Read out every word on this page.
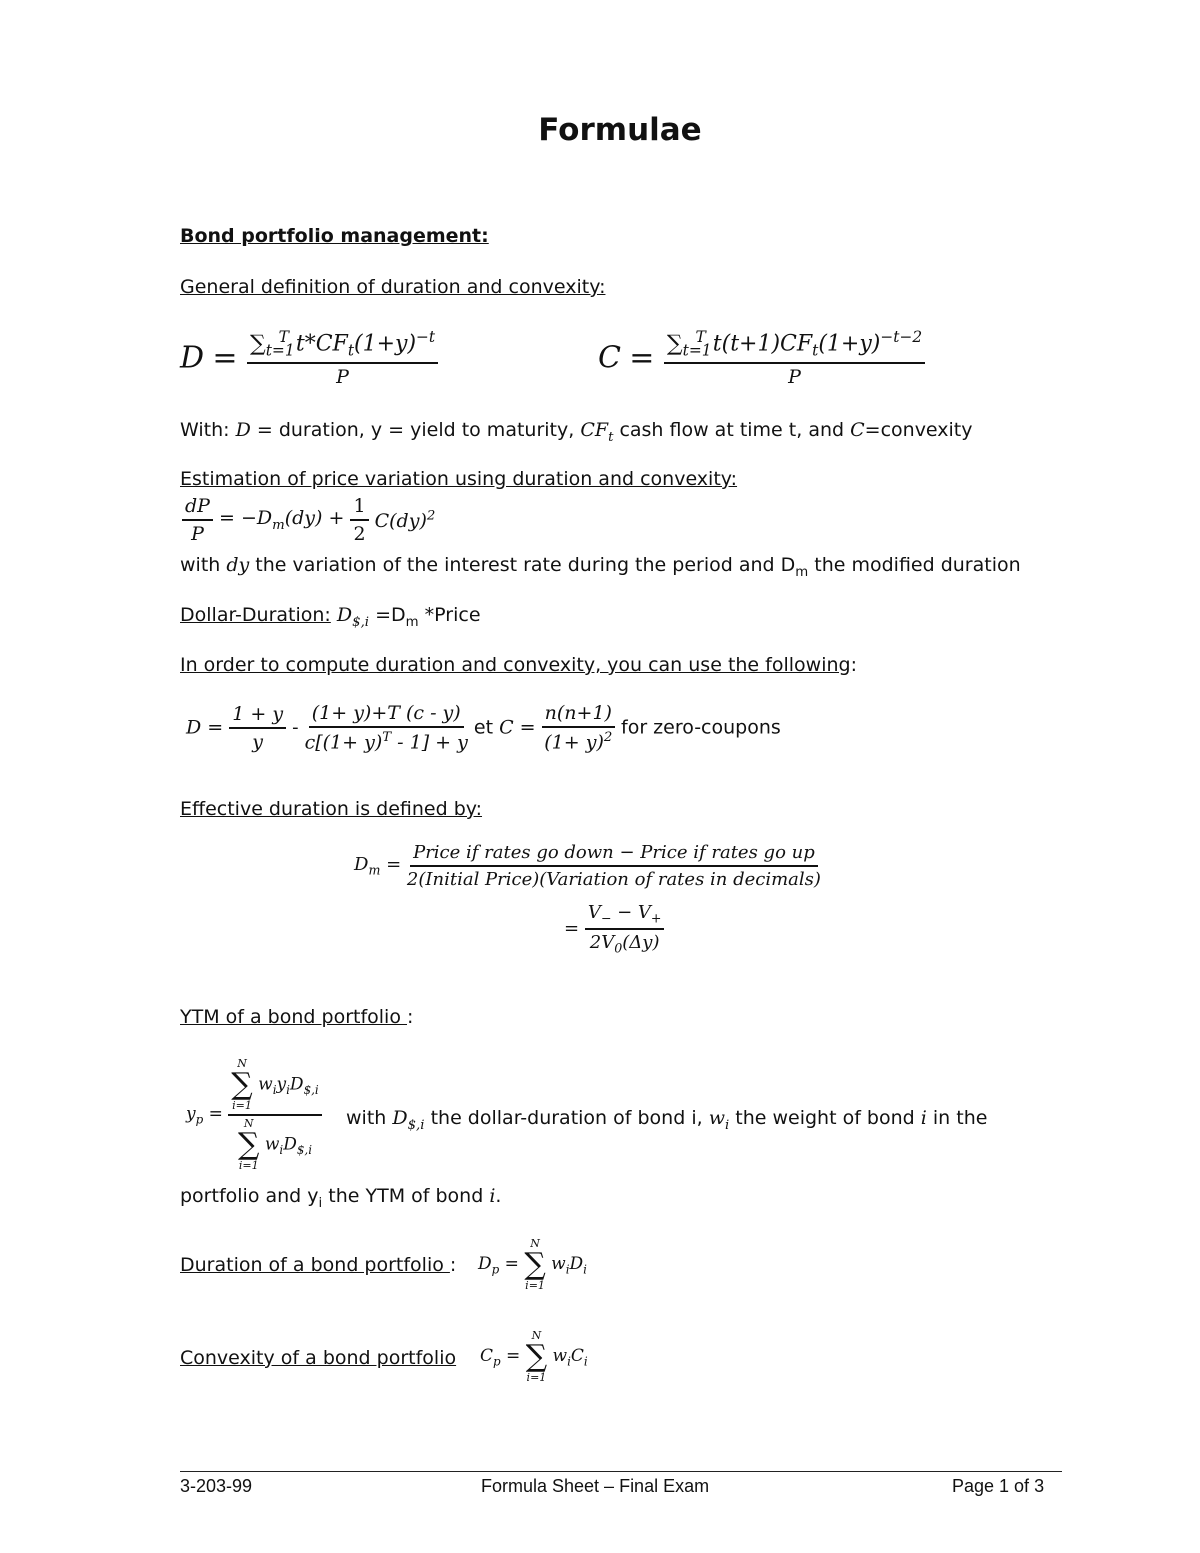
Formulae
Bond portfolio management:
General definition of duration and convexity:
$D = \frac{\sum_{t=1}^T t*CF_t(1+y)^{-t}}{P}$	$C = \frac{\sum_{t=1}^T t(t+1)CF_t(1+y)^{-t-2}}{P}$
With: D = duration, y = yield to maturity, $CF_t$ cash flow at time t, and C=convexity
Estimation of price variation using duration and convexity:
$\frac{dP}{P} = -D_m(dy) + \frac{1}{2} C(dy)^2$
with dy the variation of the interest rate during the period and $D_m$ the modified duration
Dollar-Duration: $D_{\$,i} =D_m$ *Price
In order to compute duration and convexity, you can use the following:
$D = \frac{1 + y}{y} - \frac{(1+ y)+T (c - y)}{c[(1+ y)^T - 1] + y}$ et $C = \frac{n(n+1)}{(1+ y)^2}$ for zero-coupons
Effective duration is defined by:
$D_m = \frac{\text{Price if rates go down − Price if rates go up}}{\text{2(Initial Price)(Variation of rates in decimals)}}$
= $\frac{V_- - V_+}{2V_0(\Delta y)}$
YTM of a bond portfolio :
$y_p = N$
∑
i=1
$w_iy_iD_{\$,i}$
N
∑
i=1
$w_iD_{\$,i}$ with $D_{\$,i}$ the dollar-duration of bond i, $w_i$ the weight of bond i in the
portfolio and $y_i$ the YTM of bond i.
Duration of a bond portfolio : $D_p$ =
N
∑
i=1
$w_iD_i$
Convexity of a bond portfolio $C_p$ =
N
∑
i=1
$w_iC_i$
3-203-99	Formula Sheet – Final Exam	Page 1 of 3
